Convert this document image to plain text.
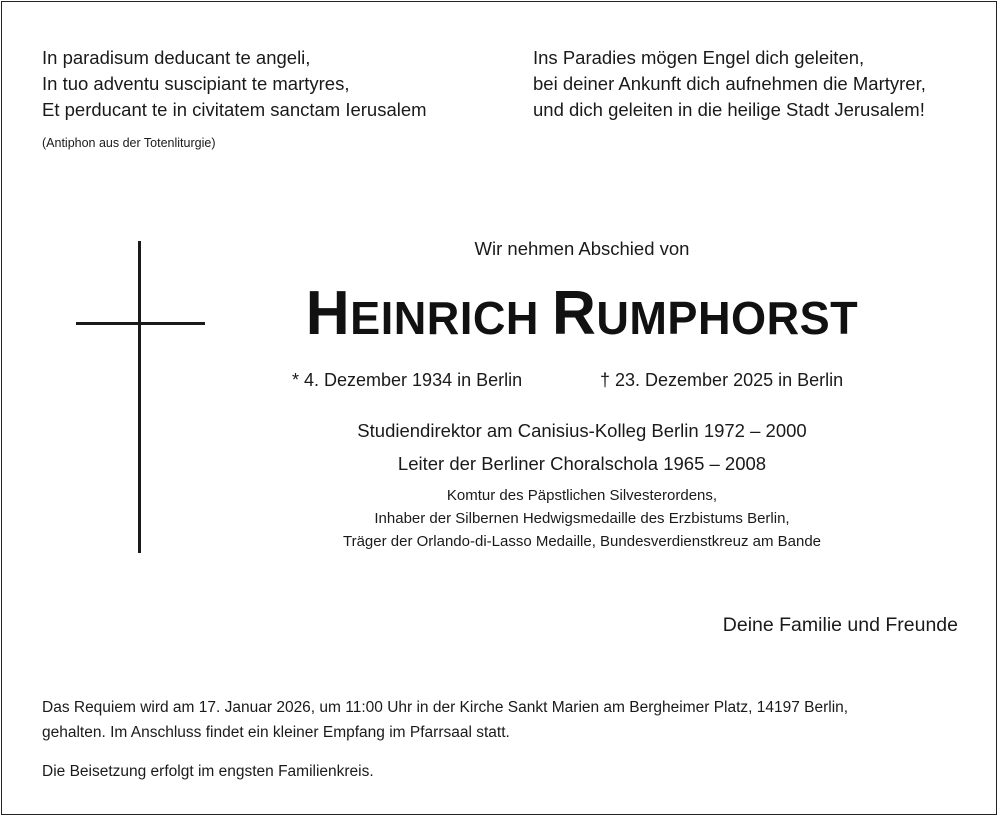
In paradisum deducant te angeli,
In tuo adventu suscipiant te martyres,
Et perducant te in civitatem sanctam Ierusalem
(Antiphon aus der Totenliturgie)
Ins Paradies mögen Engel dich geleiten,
bei deiner Ankunft dich aufnehmen die Martyrer,
und dich geleiten in die heilige Stadt Jerusalem!
Wir nehmen Abschied von
HEINRICH RUMPHORST
* 4. Dezember 1934 in Berlin	† 23. Dezember 2025 in Berlin
Studiendirektor am Canisius-Kolleg Berlin 1972 – 2000
Leiter der Berliner Choralschola 1965 – 2008
Komtur des Päpstlichen Silvesterordens,
Inhaber der Silbernen Hedwigsmedaille des Erzbistums Berlin,
Träger der Orlando-di-Lasso Medaille, Bundesverdienstkreuz am Bande
Deine Familie und Freunde
Das Requiem wird am 17. Januar 2026, um 11:00 Uhr in der Kirche Sankt Marien am Bergheimer Platz, 14197 Berlin,
gehalten. Im Anschluss findet ein kleiner Empfang im Pfarrsaal statt.
Die Beisetzung erfolgt im engsten Familienkreis.
